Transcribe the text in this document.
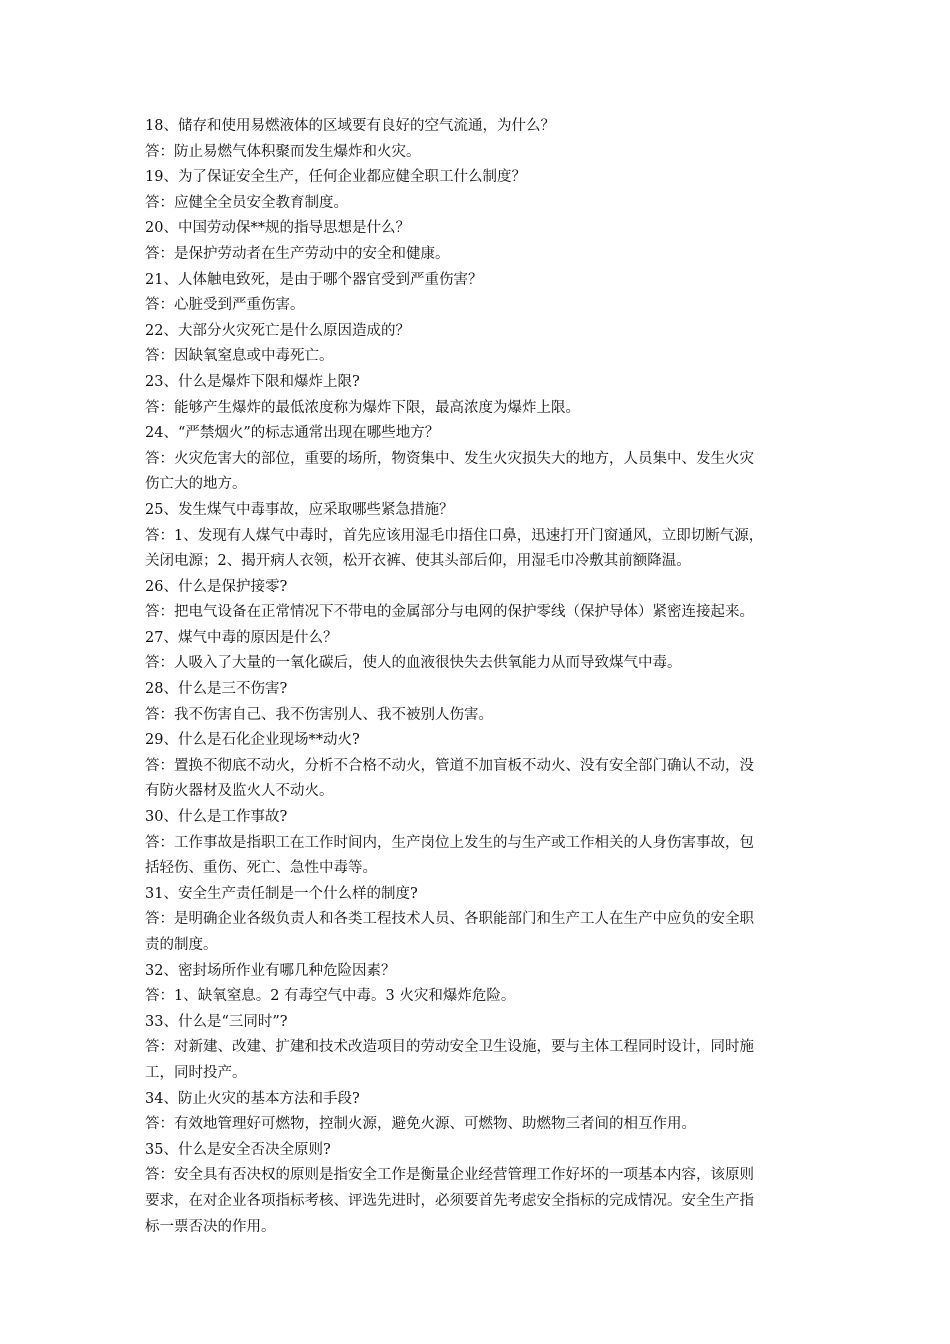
18、储存和使用易燃液体的区域要有良好的空气流通，为什么？

答：防止易燃气体积聚而发生爆炸和火灾。

19、为了保证安全生产，任何企业都应健全职工什么制度？

答：应健全全员安全教育制度。

20、中国劳动保**规的指导思想是什么？

答：是保护劳动者在生产劳动中的安全和健康。

21、人体触电致死，是由于哪个器官受到严重伤害？

答：心脏受到严重伤害。

22、大部分火灾死亡是什么原因造成的？

答：因缺氧窒息或中毒死亡。

23、什么是爆炸下限和爆炸上限?

答：能够产生爆炸的最低浓度称为爆炸下限，最高浓度为爆炸上限。

24、“严禁烟火”的标志通常出现在哪些地方？

答：火灾危害大的部位，重要的场所，物资集中、发生火灾损失大的地方，人员集中、发生火灾

伤亡大的地方。

25、发生煤气中毒事故，应采取哪些紧急措施？

答：1、发现有人煤气中毒时，首先应该用湿毛巾捂住口鼻，迅速打开门窗通风，立即切断气源，

关闭电源；2、揭开病人衣领，松开衣裤、使其头部后仰，用湿毛巾冷敷其前额降温。

26、什么是保护接零?

答：把电气设备在正常情况下不带电的金属部分与电网的保护零线（保护导体）紧密连接起来。

27、煤气中毒的原因是什么？

答：人吸入了大量的一氧化碳后，使人的血液很快失去供氧能力从而导致煤气中毒。

28、什么是三不伤害?

答：我不伤害自己、我不伤害别人、我不被别人伤害。

29、什么是石化企业现场**动火?

答：置换不彻底不动火，分析不合格不动火，管道不加盲板不动火、没有安全部门确认不动，没

有防火器材及监火人不动火。

30、什么是工作事故?

答：工作事故是指职工在工作时间内，生产岗位上发生的与生产或工作相关的人身伤害事故，包

括轻伤、重伤、死亡、急性中毒等。

31、安全生产责任制是一个什么样的制度?

答：是明确企业各级负责人和各类工程技术人员、各职能部门和生产工人在生产中应负的安全职

责的制度。

32、密封场所作业有哪几种危险因素？

答：1、缺氧窒息。2 有毒空气中毒。3 火灾和爆炸危险。

33、什么是“三同时”?

答：对新建、改建、扩建和技术改造项目的劳动安全卫生设施，要与主体工程同时设计，同时施

工，同时投产。

34、防止火灾的基本方法和手段?

答：有效地管理好可燃物，控制火源，避免火源、可燃物、助燃物三者间的相互作用。

35、什么是安全否决全原则?

答：安全具有否决权的原则是指安全工作是衡量企业经营管理工作好坏的一项基本内容，该原则

要求，在对企业各项指标考核、评选先进时，必须要首先考虑安全指标的完成情况。安全生产指

标一票否决的作用。
